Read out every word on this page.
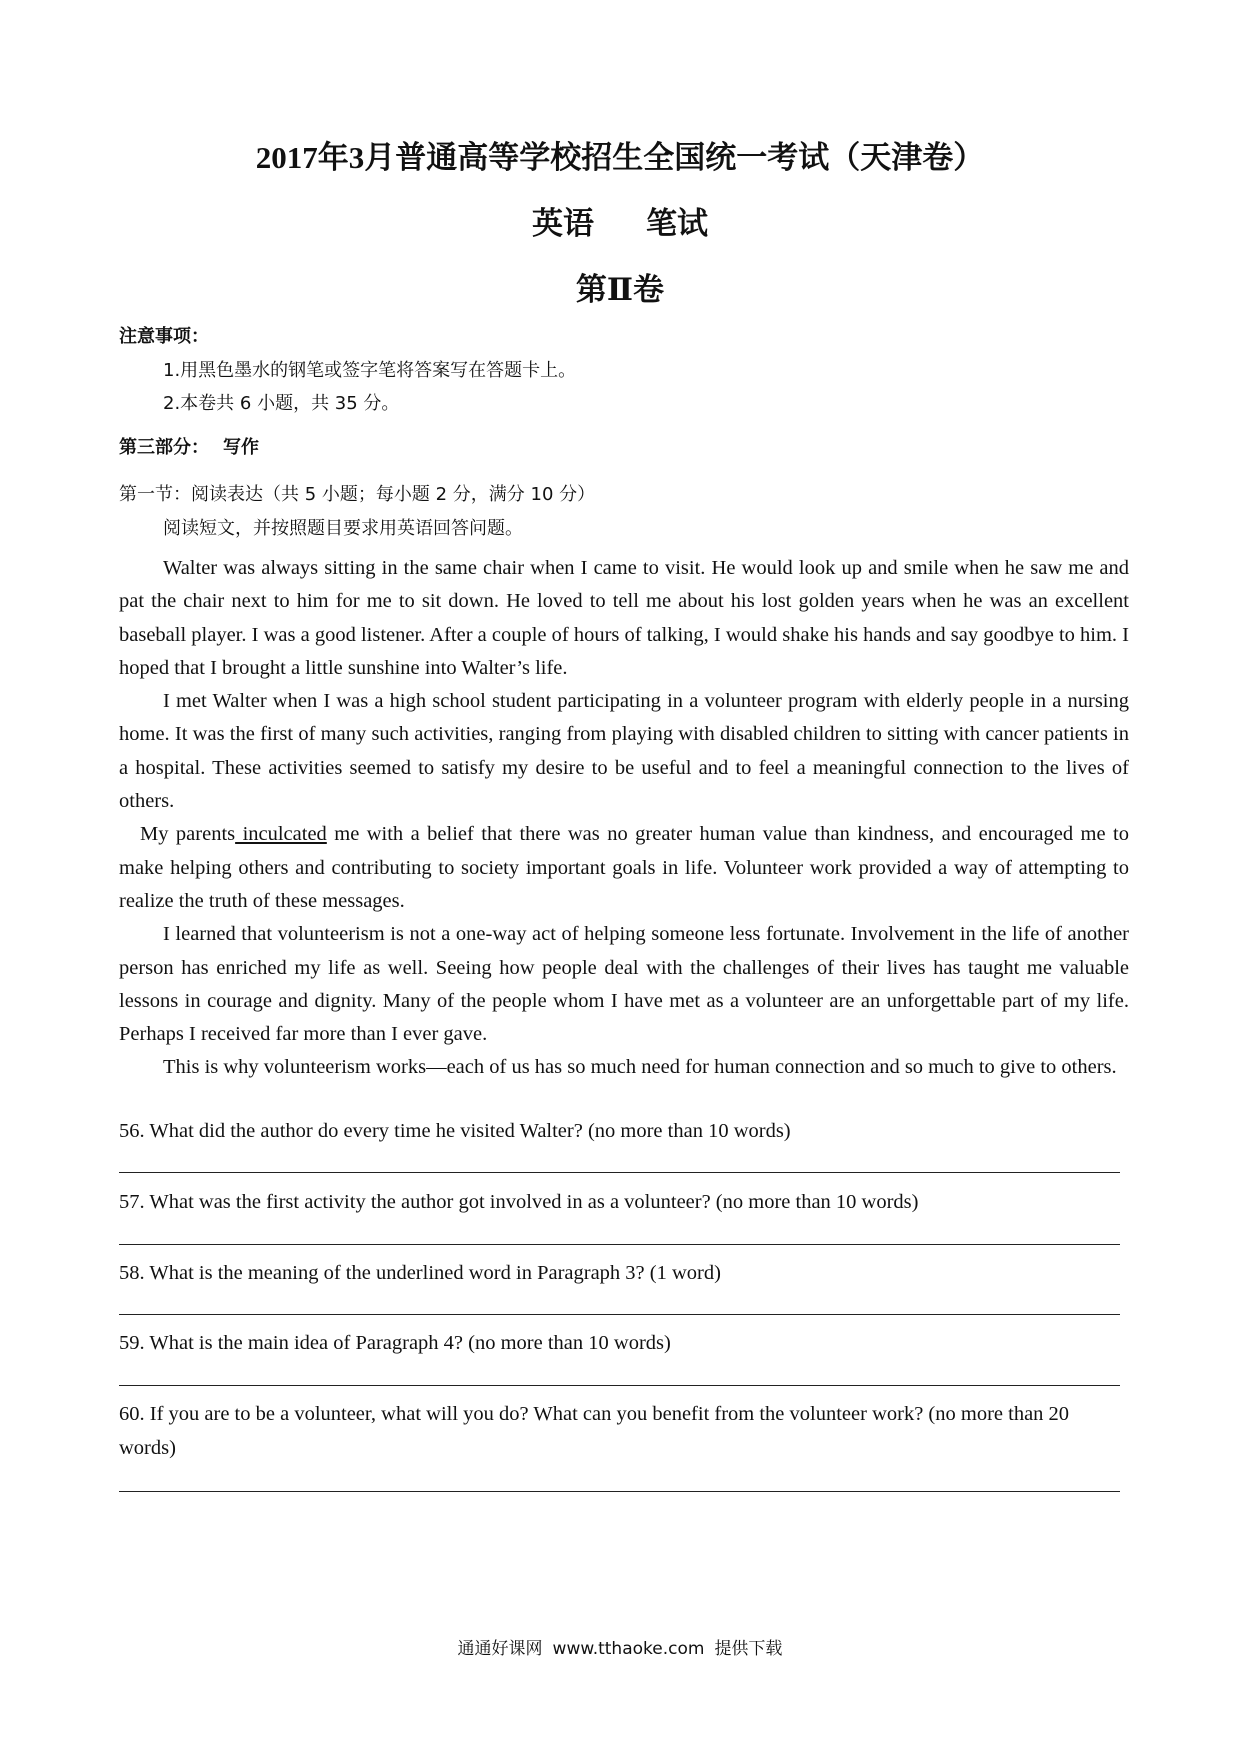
2017年3月普通高等学校招生全国统一考试（天津卷）
英语 笔试
第Ⅱ卷
注意事项：
1.用黑色墨水的钢笔或签字笔将答案写在答题卡上。
2.本卷共 6 小题，共 35 分。
第三部分： 写作
第一节：阅读表达（共 5 小题；每小题 2 分，满分 10 分）
阅读短文，并按照题目要求用英语回答问题。

Walter was always sitting in the same chair when I came to visit. He would look up and smile when he saw me and pat the chair next to him for me to sit down. He loved to tell me about his lost golden years when he was an excellent baseball player. I was a good listener. After a couple of hours of talking, I would shake his hands and say goodbye to him. I hoped that I brought a little sunshine into Walter’s life.

I met Walter when I was a high school student participating in a volunteer program with elderly people in a nursing home. It was the first of many such activities, ranging from playing with disabled children to sitting with cancer patients in a hospital. These activities seemed to satisfy my desire to be useful and to feel a meaningful connection to the lives of others.

My parents inculcated me with a belief that there was no greater human value than kindness, and encouraged me to make helping others and contributing to society important goals in life. Volunteer work provided a way of attempting to realize the truth of these messages.

I learned that volunteerism is not a one-way act of helping someone less fortunate. Involvement in the life of another person has enriched my life as well. Seeing how people deal with the challenges of their lives has taught me valuable lessons in courage and dignity. Many of the people whom I have met as a volunteer are an unforgettable part of my life. Perhaps I received far more than I ever gave.

This is why volunteerism works—each of us has so much need for human connection and so much to give to others.

56. What did the author do every time he visited Walter? (no more than 10 words)
57. What was the first activity the author got involved in as a volunteer? (no more than 10 words)
58. What is the meaning of the underlined word in Paragraph 3? (1 word)
59. What is the main idea of Paragraph 4? (no more than 10 words)
60. If you are to be a volunteer, what will you do? What can you benefit from the volunteer work? (no more than 20 words)
通通好课网 www.tthaoke.com 提供下载
